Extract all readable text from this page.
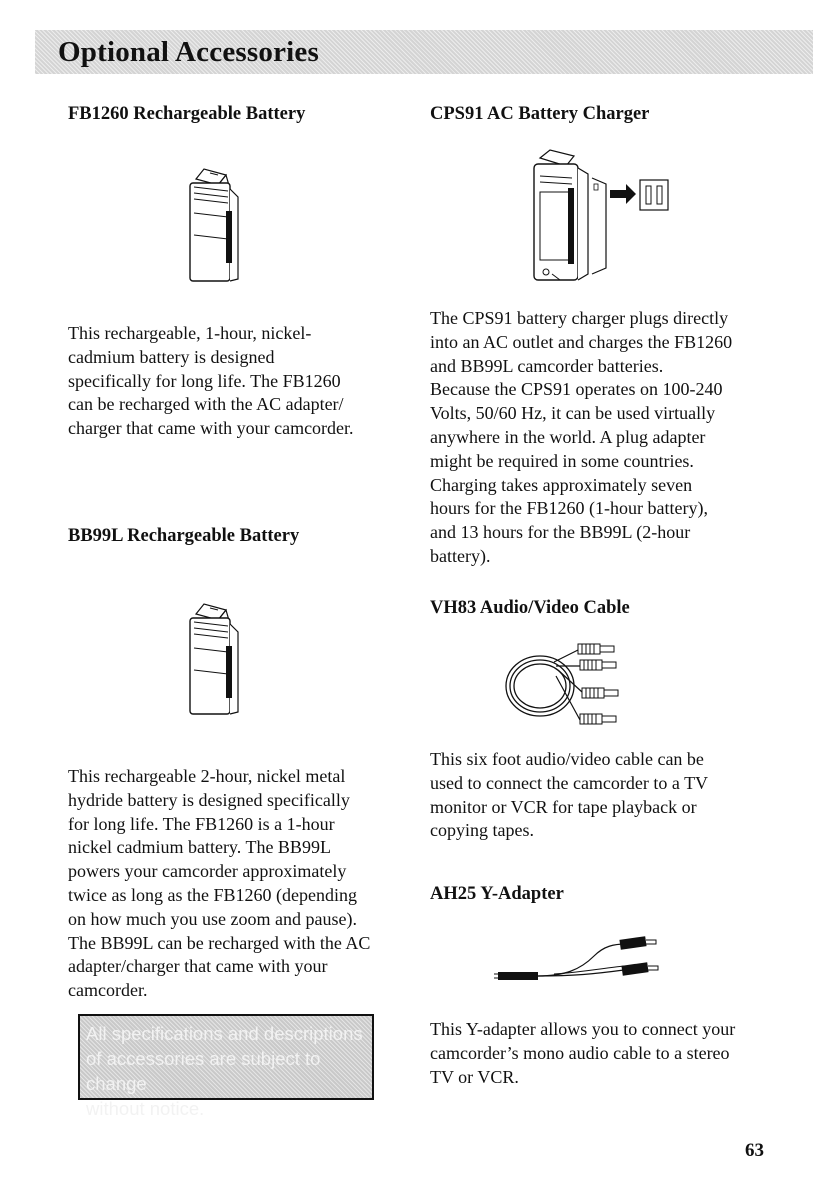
Optional Accessories
FB1260 Rechargeable Battery
This rechargeable, 1-hour, nickel-
cadmium battery is designed
specifically for long life. The FB1260
can be recharged with the AC adapter/
charger that came with your camcorder.
BB99L Rechargeable Battery
This rechargeable 2-hour, nickel metal
hydride battery is designed specifically
for long life. The FB1260 is a 1-hour
nickel cadmium battery. The BB99L
powers your camcorder approximately
twice as long as the FB1260 (depending
on how much you use zoom and pause).
The BB99L can be recharged with the AC
adapter/charger that came with your
camcorder.
All specifications and descriptions
of accessories are subject to change
without notice.
CPS91 AC Battery Charger
The CPS91 battery charger plugs directly
into an AC outlet and charges the FB1260
and BB99L camcorder batteries.
Because the CPS91 operates on 100-240
Volts, 50/60 Hz, it can be used virtually
anywhere in the world. A plug adapter
might be required in some countries.
Charging takes approximately seven
hours for the FB1260 (1-hour battery),
and 13 hours for the BB99L (2-hour
battery).
VH83 Audio/Video Cable
This six foot audio/video cable can be
used to connect the camcorder to a TV
monitor or VCR for tape playback or
copying tapes.
AH25 Y-Adapter
This Y-adapter allows you to connect your
camcorder’s mono audio cable to a stereo
TV or VCR.
63
